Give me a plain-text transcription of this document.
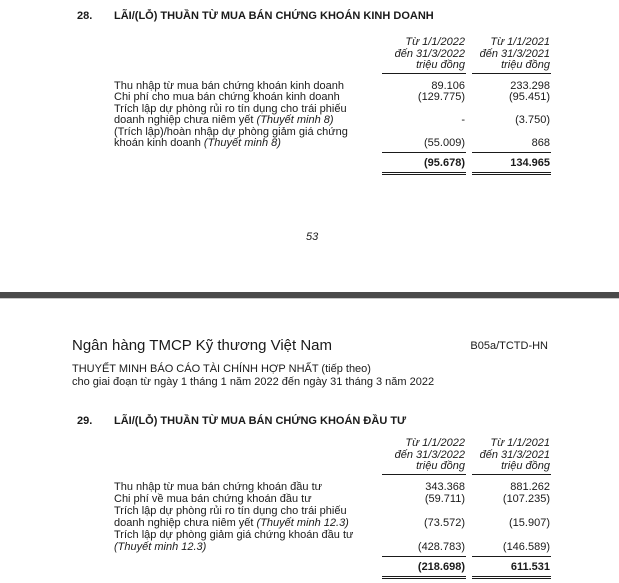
28. LÃI/(LỖ) THUẦN TỪ MUA BÁN CHỨNG KHOÁN KINH DOANH
Từ 1/1/2022
đến 31/3/2022
triệu đồng
Từ 1/1/2021
đến 31/3/2021
triệu đồng
Thu nhập từ mua bán chứng khoán kinh doanh	89.106	233.298
Chi phí cho mua bán chứng khoán kinh doanh	(129.775)	(95.451)
Trích lập dự phòng rủi ro tín dụng cho trái phiếu
doanh nghiệp chưa niêm yết (Thuyết minh 8)	-	(3.750)
(Trích lập)/hoàn nhập dự phòng giảm giá chứng
khoán kinh doanh (Thuyết minh 8)	(55.009)	868
(95.678)	134.965
53
Ngân hàng TMCP Kỹ thương Việt Nam	B05a/TCTD-HN
THUYẾT MINH BÁO CÁO TÀI CHÍNH HỢP NHẤT (tiếp theo)
cho giai đoạn từ ngày 1 tháng 1 năm 2022 đến ngày 31 tháng 3 năm 2022
29. LÃI/(LỖ) THUẦN TỪ MUA BÁN CHỨNG KHOÁN ĐẦU TƯ
Từ 1/1/2022
đến 31/3/2022
triệu đồng
Từ 1/1/2021
đến 31/3/2021
triệu đồng
Thu nhập từ mua bán chứng khoán đầu tư	343.368	881.262
Chi phí về mua bán chứng khoán đầu tư	(59.711)	(107.235)
Trích lập dự phòng rủi ro tín dụng cho trái phiếu
doanh nghiệp chưa niêm yết (Thuyết minh 12.3)	(73.572)	(15.907)
Trích lập dự phòng giảm giá chứng khoán đầu tư
(Thuyết minh 12.3)	(428.783)	(146.589)
(218.698)	611.531
